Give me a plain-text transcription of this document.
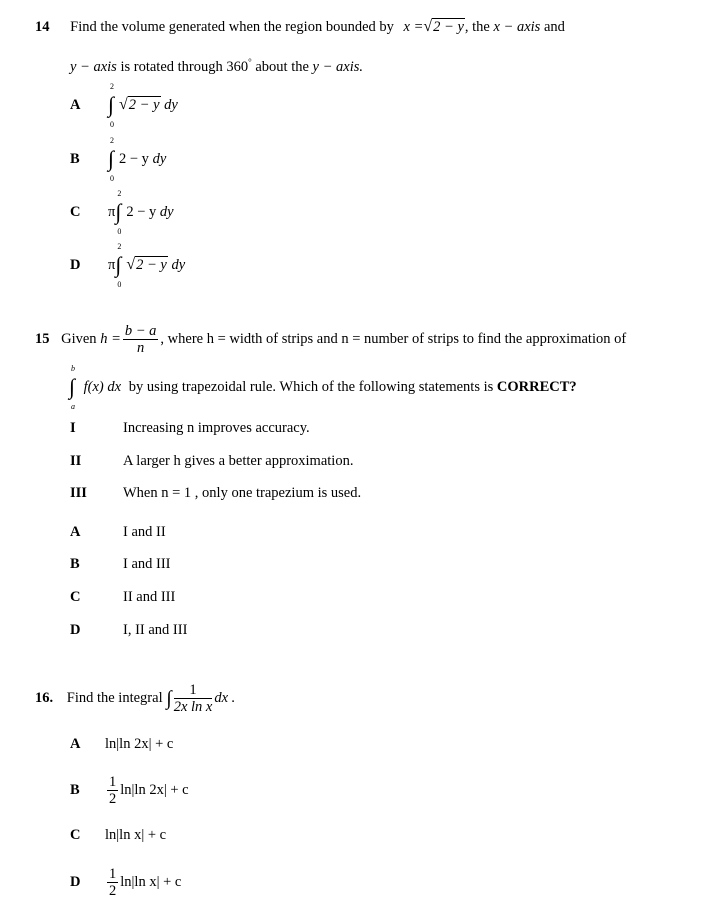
14 Find the volume generated when the region bounded by x =√2 − y, the x − axis and
y − axis is rotated through 360° about the y − axis.
15 Given $h = \frac{b - a}{n}$ , where h = width of strips and n = number of strips to find the approximation of
b
∫
a
f(x) dx by using trapezoidal rule. Which of the following statements is CORRECT?
16. Find the integral ∫ $\frac{1}{\text{2x ln x}}$ dx .
A
2
∫
0
√2 − y dy
B
2
∫
0
2 − y dy
C π
2
∫
0
2 − y dy
D π
2
∫
0
√2 − y dy
I	Increasing n improves accuracy.
II	A larger h gives a better approximation.
III When n = 1 , only one trapezium is used.
A	I and II
B	I and III
C	II and III
D	I, II and III
A ln|ln 2x| + c
B $\frac{1}{2} \ln|\ln$ 2x| + c
C ln|ln x| + c
D $\frac{1}{2} \ln|\ln$ x| + c
